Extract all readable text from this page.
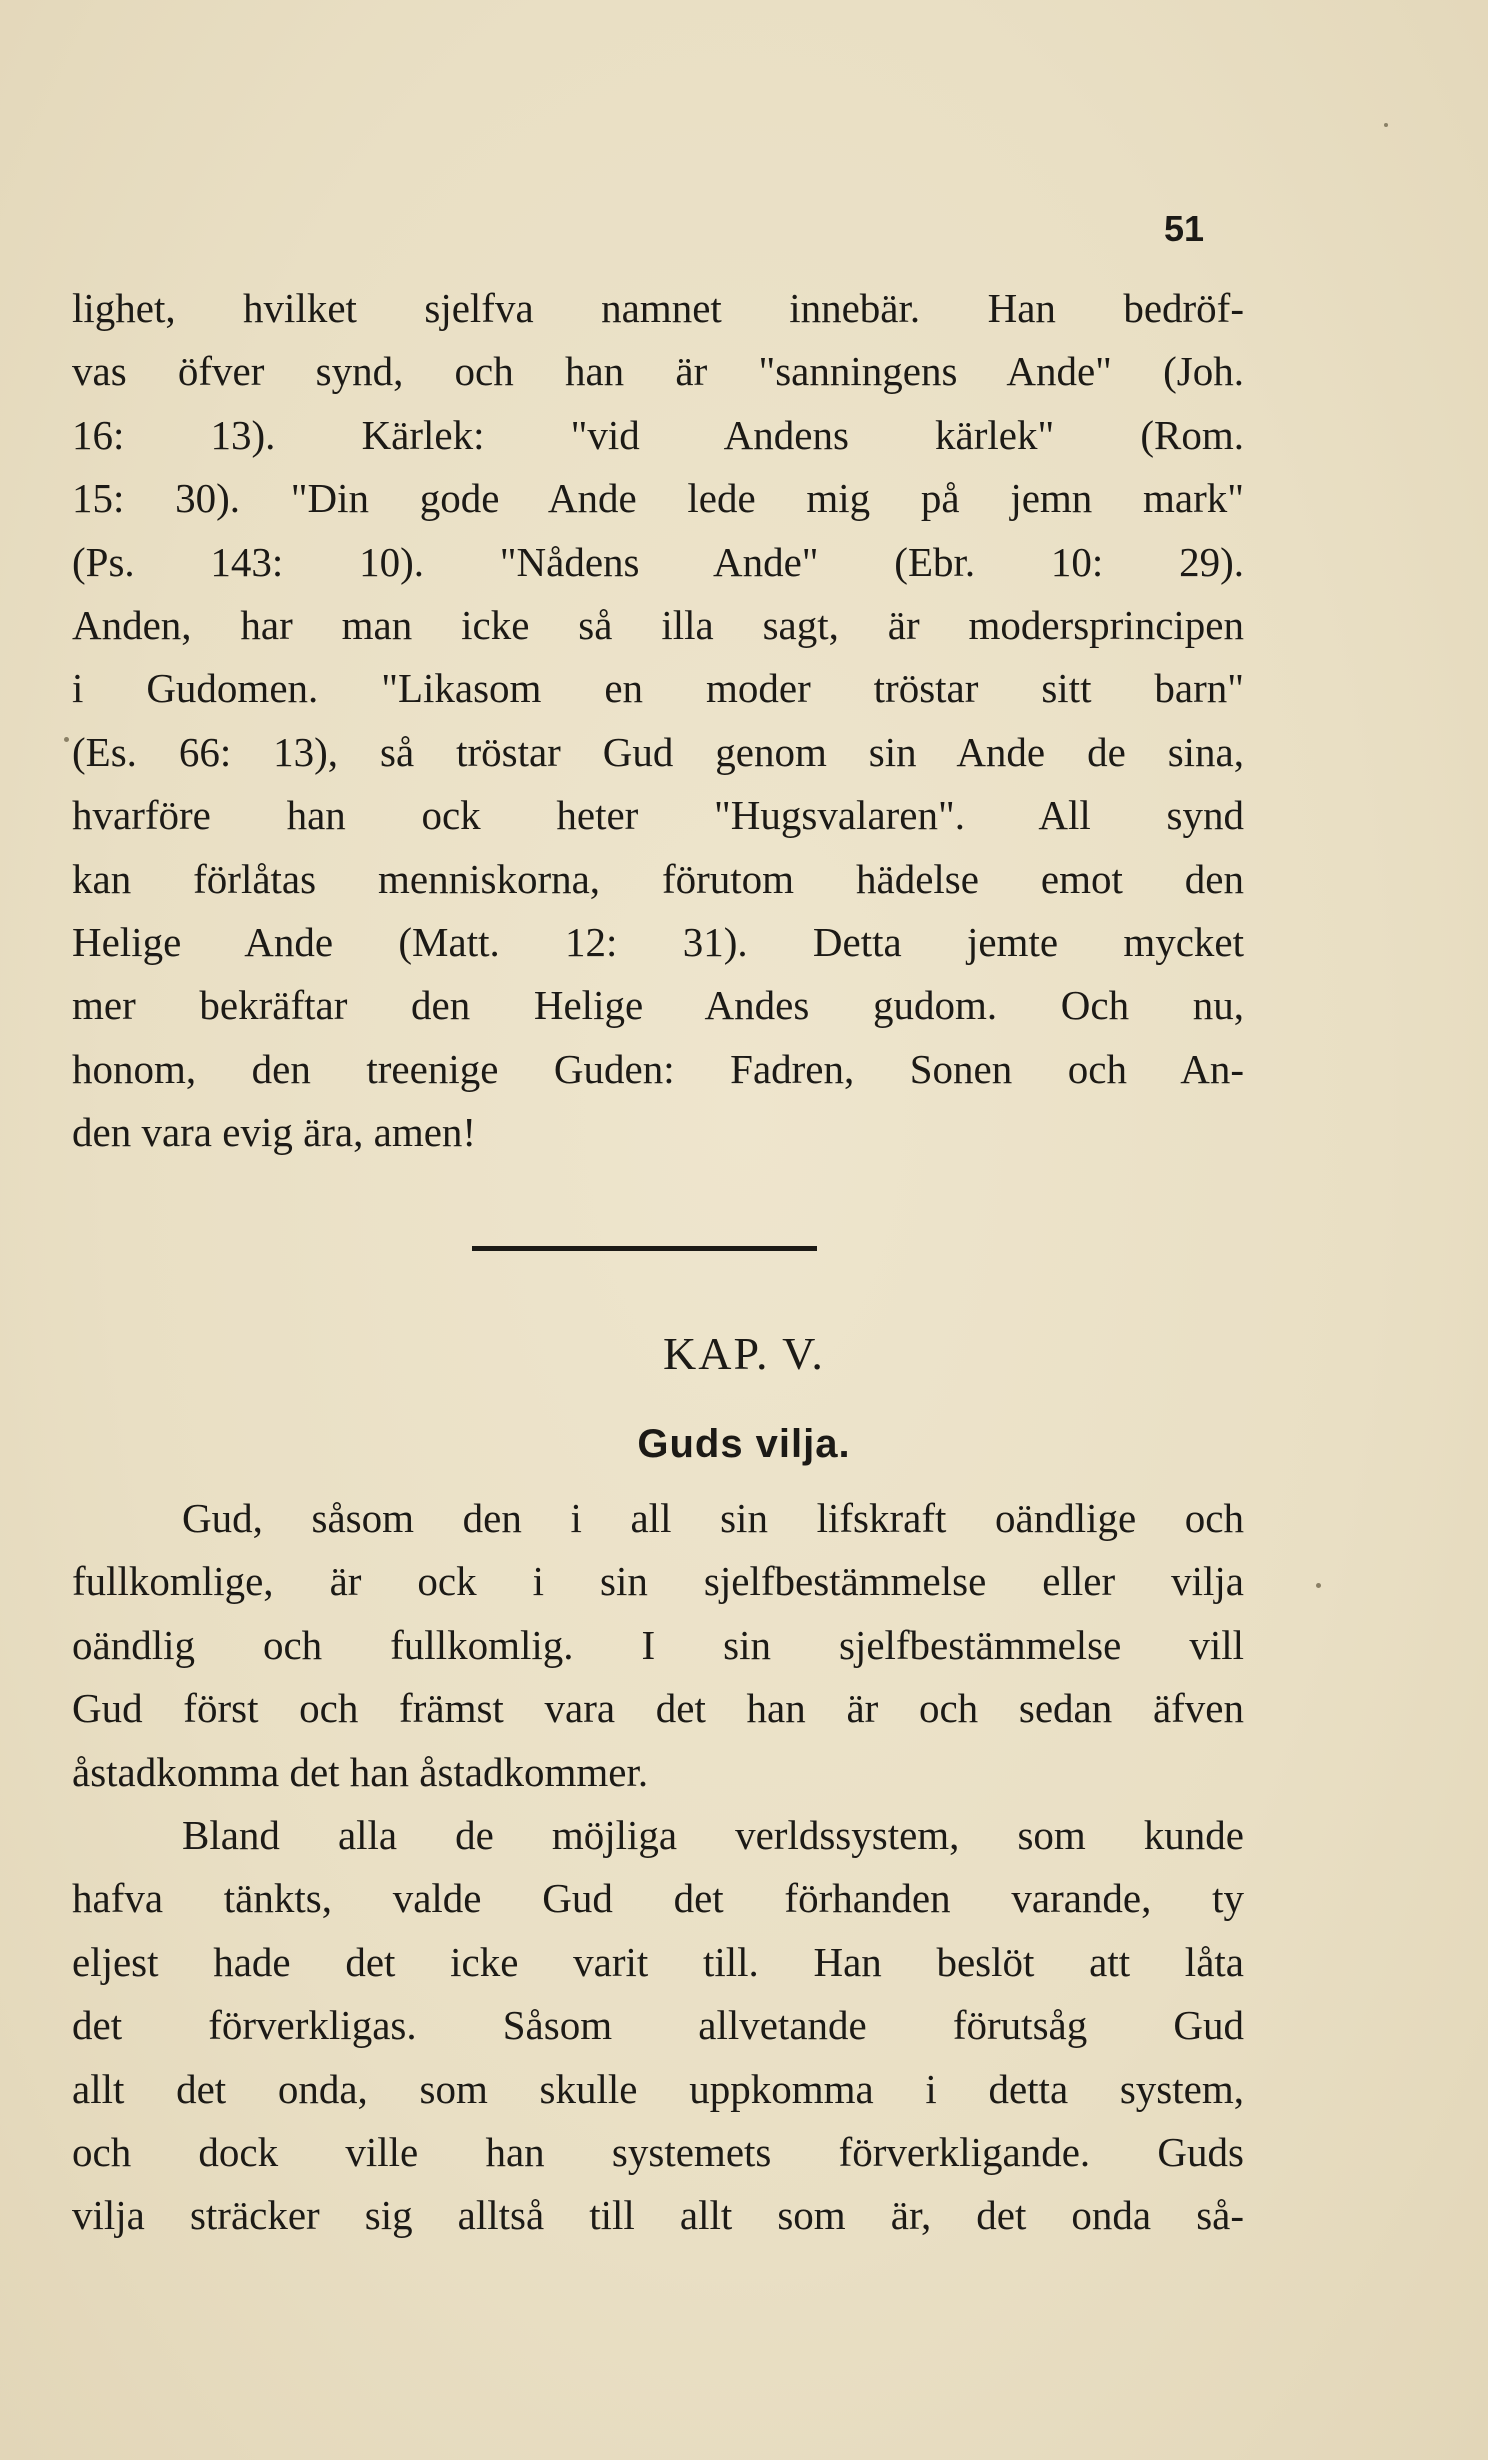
51
lighet, hvilket sjelfva namnet innebär. Han bedröf-
vas öfver synd, och han är "sanningens Ande" (Joh.
16: 13). Kärlek: "vid Andens kärlek" (Rom.
15: 30). "Din gode Ande lede mig på jemn mark"
(Ps. 143: 10). "Nådens Ande" (Ebr. 10: 29).
Anden, har man icke så illa sagt, är modersprincipen
i Gudomen. "Likasom en moder tröstar sitt barn"
(Es. 66: 13), så tröstar Gud genom sin Ande de sina,
hvarföre han ock heter "Hugsvalaren". All synd
kan förlåtas menniskorna, förutom hädelse emot den
Helige Ande (Matt. 12: 31). Detta jemte mycket
mer bekräftar den Helige Andes gudom. Och nu,
honom, den treenige Guden: Fadren, Sonen och An-
den vara evig ära, amen!
KAP. V.
Guds vilja.
Gud, såsom den i all sin lifskraft oändlige och
fullkomlige, är ock i sin sjelfbestämmelse eller vilja
oändlig och fullkomlig. I sin sjelfbestämmelse vill
Gud först och främst vara det han är och sedan äfven
åstadkomma det han åstadkommer.
Bland alla de möjliga verldssystem, som kunde
hafva tänkts, valde Gud det förhanden varande, ty
eljest hade det icke varit till. Han beslöt att låta
det förverkligas. Såsom allvetande förutsåg Gud
allt det onda, som skulle uppkomma i detta system,
och dock ville han systemets förverkligande. Guds
vilja sträcker sig alltså till allt som är, det onda så-
